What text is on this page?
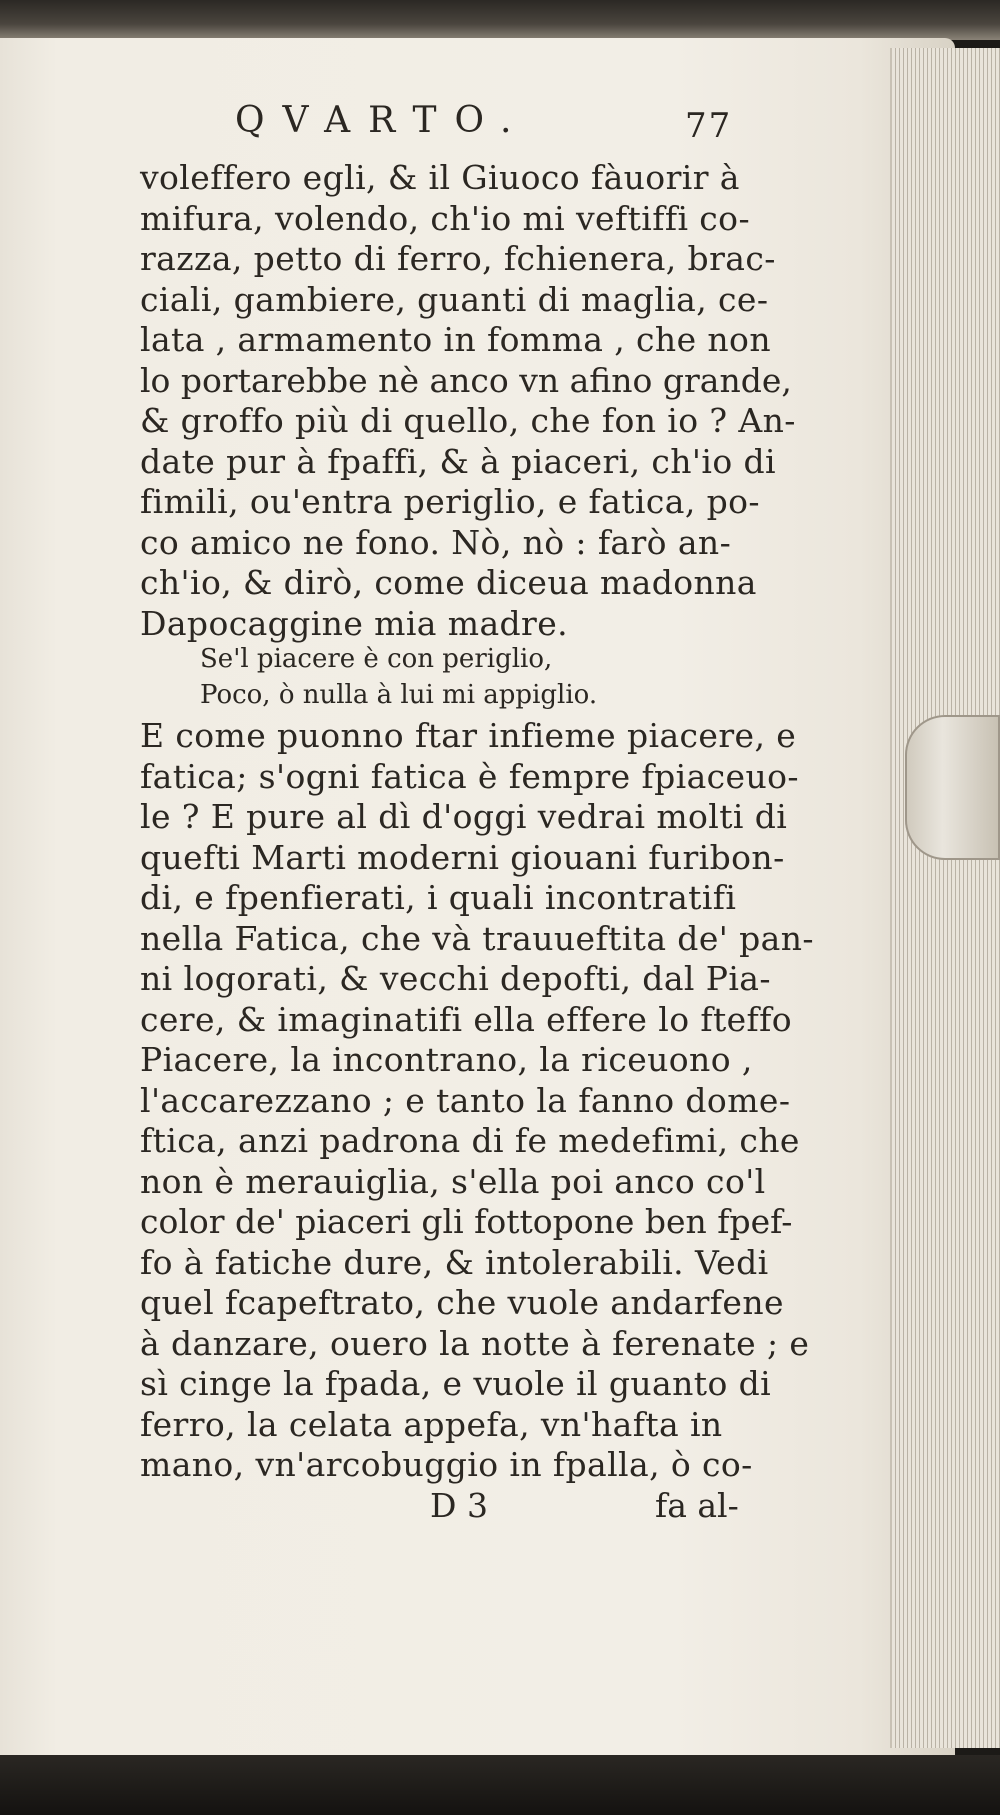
QVARTO.	77
voleffero egli, & il Giuoco fàuorir à
mifura, volendo, ch'io mi veftiffi co-
razza, petto di ferro, fchienera, brac-
ciali, gambiere, guanti di maglia, ce-
lata , armamento in fomma , che non
lo portarebbe nè anco vn afino grande,
& groffo più di quello, che fon io ? An-
date pur à fpaffi, & à piaceri, ch'io di
fimili, ou'entra periglio, e fatica, po-
co amico ne fono. Nò, nò : farò an-
ch'io, & dirò, come diceua madonna
Dapocaggine mia madre.
Se'l piacere è con periglio,
Poco, ò nulla à lui mi appiglio.
E come puonno ftar infieme piacere, e
fatica; s'ogni fatica è fempre fpiaceuo-
le ? E pure al dì d'oggi vedrai molti di
quefti Marti moderni giouani furibon-
di, e fpenfierati, i quali incontratifi
nella Fatica, che và trauueftita de' pan-
ni logorati, & vecchi depofti, dal Pia-
cere, & imaginatifi ella effere lo fteffo
Piacere, la incontrano, la riceuono ,
l'accarezzano ; e tanto la fanno dome-
ftica, anzi padrona di fe medefimi, che
non è merauiglia, s'ella poi anco co'l
color de' piaceri gli fottopone ben fpef-
fo à fatiche dure, & intolerabili. Vedi
quel fcapeftrato, che vuole andarfene
à danzare, ouero la notte à ferenate ; e
sì cinge la fpada, e vuole il guanto di
ferro, la celata appefa, vn'hafta in
mano, vn'arcobuggio in fpalla, ò co-
D 3	fa al-
